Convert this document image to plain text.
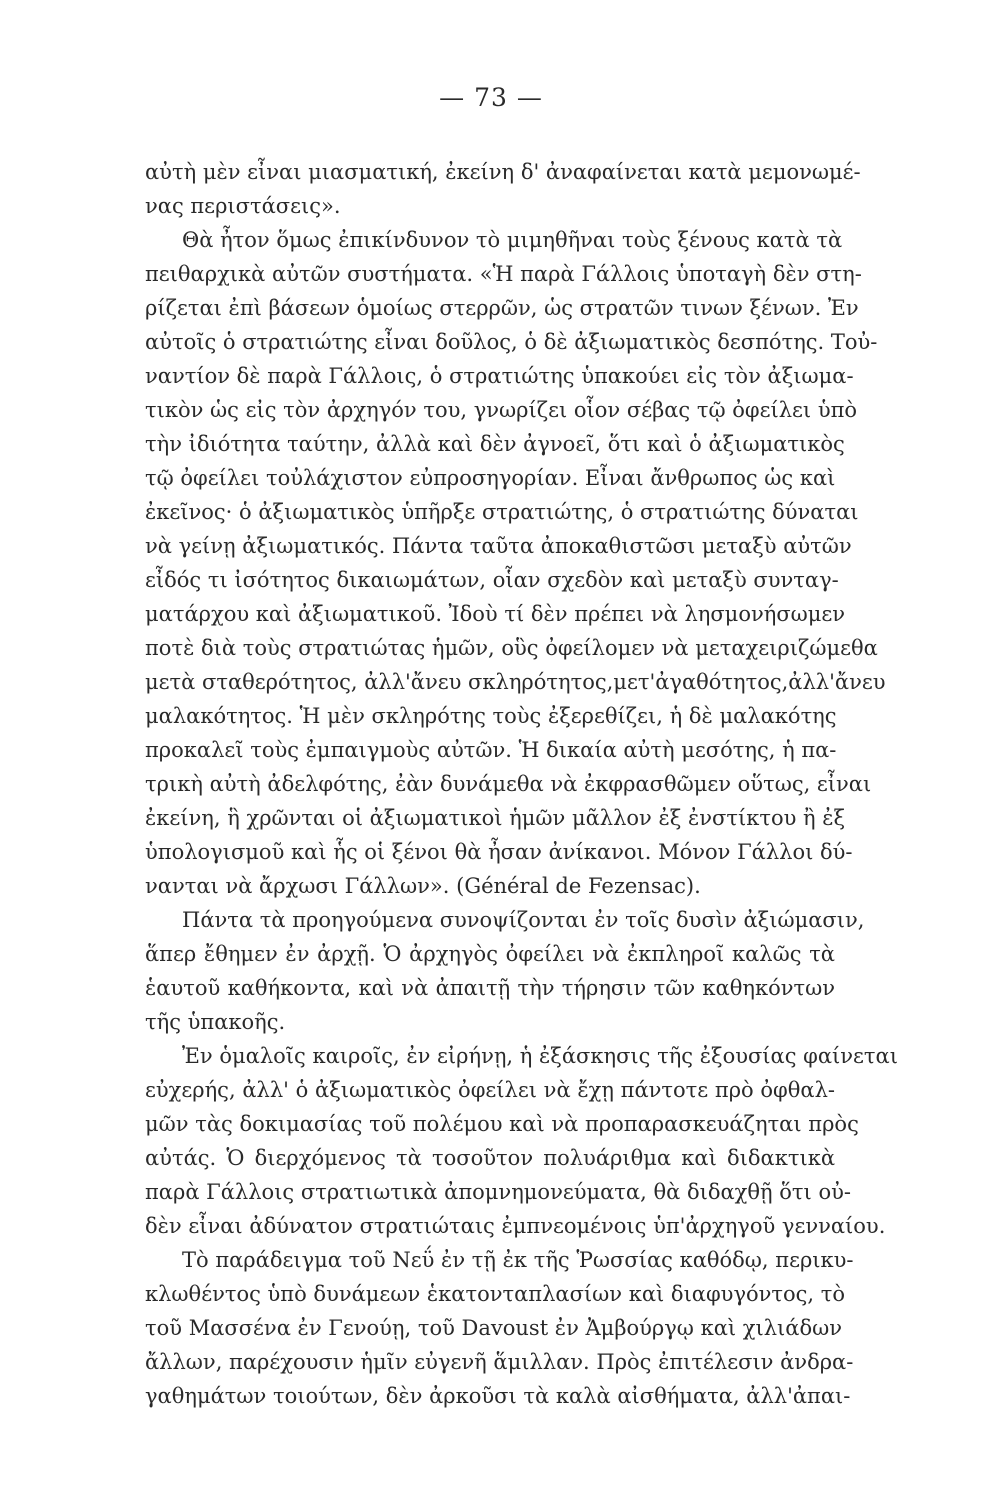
— 73 —
αὐτὴ μὲν εἶναι μιασματική, ἐκείνη δ' ἀναφαίνεται κατὰ μεμονωμέ-
νας περιστάσεις».
Θὰ ἦτον ὅμως ἐπικίνδυνον τὸ μιμηθῆναι τοὺς ξένους κατὰ τὰ
πειθαρχικὰ αὐτῶν συστήματα. «Ἡ παρὰ Γάλλοις ὑποταγὴ δὲν στη-
ρίζεται ἐπὶ βάσεων ὁμοίως στερρῶν, ὡς στρατῶν τινων ξένων. Ἐν
αὐτοῖς ὁ στρατιώτης εἶναι δοῦλος, ὁ δὲ ἀξιωματικὸς δεσπότης. Τοὐ-
ναντίον δὲ παρὰ Γάλλοις, ὁ στρατιώτης ὑπακούει εἰς τὸν ἀξιωμα-
τικὸν ὡς εἰς τὸν ἀρχηγόν του, γνωρίζει οἷον σέβας τῷ ὀφείλει ὑπὸ
τὴν ἰδιότητα ταύτην, ἀλλὰ καὶ δὲν ἀγνοεῖ, ὅτι καὶ ὁ ἀξιωματικὸς
τῷ ὀφείλει τοὐλάχιστον εὐπροσηγορίαν. Εἶναι ἄνθρωπος ὡς καὶ
ἐκεῖνος· ὁ ἀξιωματικὸς ὑπῆρξε στρατιώτης, ὁ στρατιώτης δύναται
νὰ γείνῃ ἀξιωματικός. Πάντα ταῦτα ἀποκαθιστῶσι μεταξὺ αὐτῶν
εἶδός τι ἰσότητος δικαιωμάτων, οἷαν σχεδὸν καὶ μεταξὺ συνταγ-
ματάρχου καὶ ἀξιωματικοῦ. Ἰδοὺ τί δὲν πρέπει νὰ λησμονήσωμεν
ποτὲ διὰ τοὺς στρατιώτας ἡμῶν, οὓς ὀφείλομεν νὰ μεταχειριζώμεθα
μετὰ σταθερότητος, ἀλλ'ἄνευ σκληρότητος,μετ'ἀγαθότητος,ἀλλ'ἄνευ
μαλακότητος. Ἡ μὲν σκληρότης τοὺς ἐξερεθίζει, ἡ δὲ μαλακότης
προκαλεῖ τοὺς ἐμπαιγμοὺς αὐτῶν. Ἡ δικαία αὐτὴ μεσότης, ἡ πα-
τρικὴ αὐτὴ ἀδελφότης, ἐὰν δυνάμεθα νὰ ἐκφρασθῶμεν οὕτως, εἶναι
ἐκείνη, ἣ χρῶνται οἱ ἀξιωματικοὶ ἡμῶν μᾶλλον ἐξ ἐνστίκτου ἢ ἐξ
ὑπολογισμοῦ καὶ ἧς οἱ ξένοι θὰ ἦσαν ἀνίκανοι. Μόνον Γάλλοι δύ-
νανται νὰ ἄρχωσι Γάλλων». (Général de Fezensac).
Πάντα τὰ προηγούμενα συνοψίζονται ἐν τοῖς δυσὶν ἀξιώμασιν,
ἅπερ ἔθημεν ἐν ἀρχῇ. Ὁ ἀρχηγὸς ὀφείλει νὰ ἐκπληροῖ καλῶς τὰ
ἑαυτοῦ καθήκοντα, καὶ νὰ ἀπαιτῇ τὴν τήρησιν τῶν καθηκόντων
τῆς ὑπακοῆς.
Ἐν ὁμαλοῖς καιροῖς, ἐν εἰρήνῃ, ἡ ἐξάσκησις τῆς ἐξουσίας φαίνεται
εὐχερής, ἀλλ' ὁ ἀξιωματικὸς ὀφείλει νὰ ἔχῃ πάντοτε πρὸ ὀφθαλ-
μῶν τὰς δοκιμασίας τοῦ πολέμου καὶ νὰ προπαρασκευάζηται πρὸς
αὐτάς. Ὁ διερχόμενος τὰ τοσοῦτον πολυάριθμα καὶ διδακτικὰ
παρὰ Γάλλοις στρατιωτικὰ ἀπομνημονεύματα, θὰ διδαχθῇ ὅτι οὐ-
δὲν εἶναι ἀδύνατον στρατιώταις ἐμπνεομένοις ὑπ'ἀρχηγοῦ γενναίου.
Τὸ παράδειγμα τοῦ Νεΰ ἐν τῇ ἐκ τῆς Ῥωσσίας καθόδῳ, περικυ-
κλωθέντος ὑπὸ δυνάμεων ἑκατονταπλασίων καὶ διαφυγόντος, τὸ
τοῦ Μασσένα ἐν Γενούῃ, τοῦ Davoust ἐν Ἀμβούργῳ καὶ χιλιάδων
ἄλλων, παρέχουσιν ἡμῖν εὐγενῆ ἅμιλλαν. Πρὸς ἐπιτέλεσιν ἀνδρα-
γαθημάτων τοιούτων, δὲν ἀρκοῦσι τὰ καλὰ αἰσθήματα, ἀλλ'ἀπαι-
